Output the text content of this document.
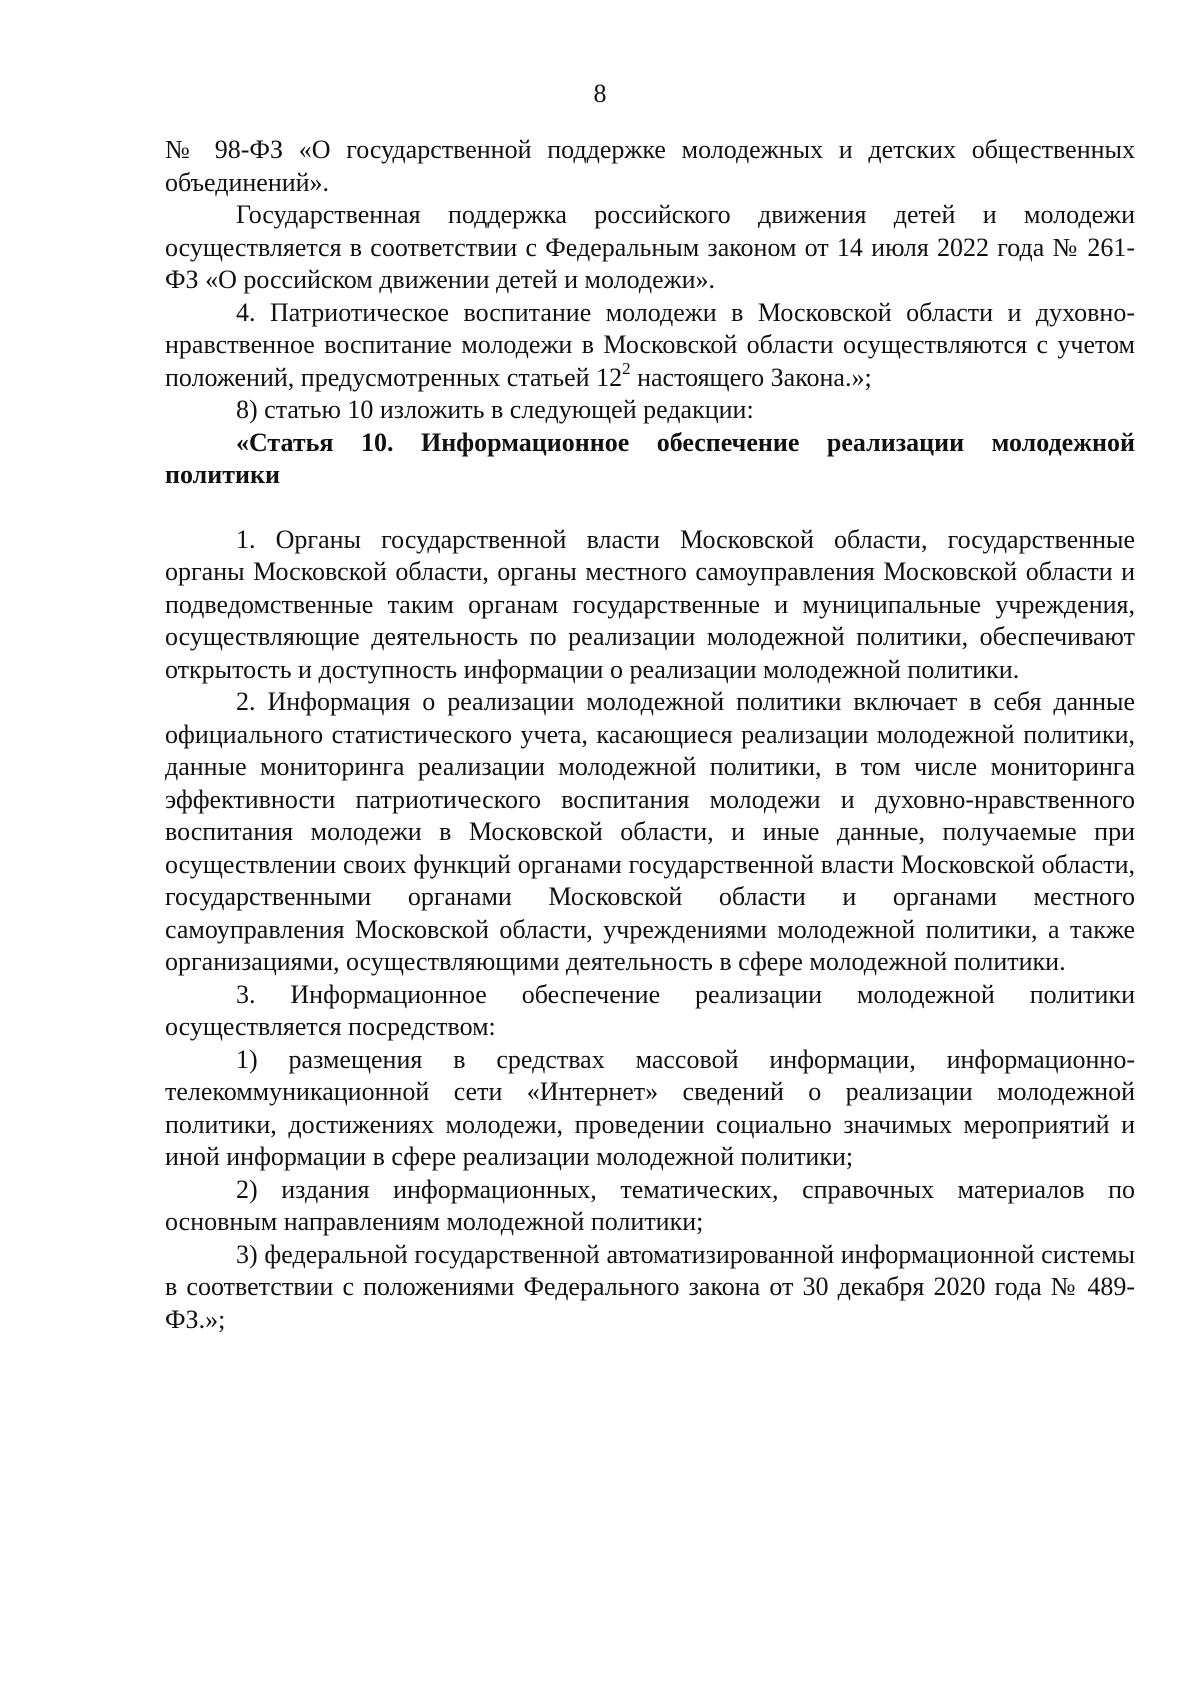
8

№ 98-ФЗ «О государственной поддержке молодежных и детских общественных объединений».

Государственная поддержка российского движения детей и молодежи осуществляется в соответствии с Федеральным законом от 14 июля 2022 года № 261-ФЗ «О российском движении детей и молодежи».

4. Патриотическое воспитание молодежи в Московской области и духовно-нравственное воспитание молодежи в Московской области осуществляются с учетом положений, предусмотренных статьей $12^2$ настоящего Закона.»;

8) статью 10 изложить в следующей редакции:

«Статья 10. Информационное обеспечение реализации молодежной политики

1. Органы государственной власти Московской области, государственные органы Московской области, органы местного самоуправления Московской области и подведомственные таким органам государственные и муниципальные учреждения, осуществляющие деятельность по реализации молодежной политики, обеспечивают открытость и доступность информации о реализации молодежной политики.

2. Информация о реализации молодежной политики включает в себя данные официального статистического учета, касающиеся реализации молодежной политики, данные мониторинга реализации молодежной политики, в том числе мониторинга эффективности патриотического воспитания молодежи и духовно-нравственного воспитания молодежи в Московской области, и иные данные, получаемые при осуществлении своих функций органами государственной власти Московской области, государственными органами Московской области и органами местного самоуправления Московской области, учреждениями молодежной политики, а также организациями, осуществляющими деятельность в сфере молодежной политики.

3. Информационное обеспечение реализации молодежной политики осуществляется посредством:

1) размещения в средствах массовой информации, информационно-телекоммуникационной сети «Интернет» сведений о реализации молодежной политики, достижениях молодежи, проведении социально значимых мероприятий и иной информации в сфере реализации молодежной политики;

2) издания информационных, тематических, справочных материалов по основным направлениям молодежной политики;

3) федеральной государственной автоматизированной информационной системы в соответствии с положениями Федерального закона от 30 декабря 2020 года № 489-ФЗ.»;
